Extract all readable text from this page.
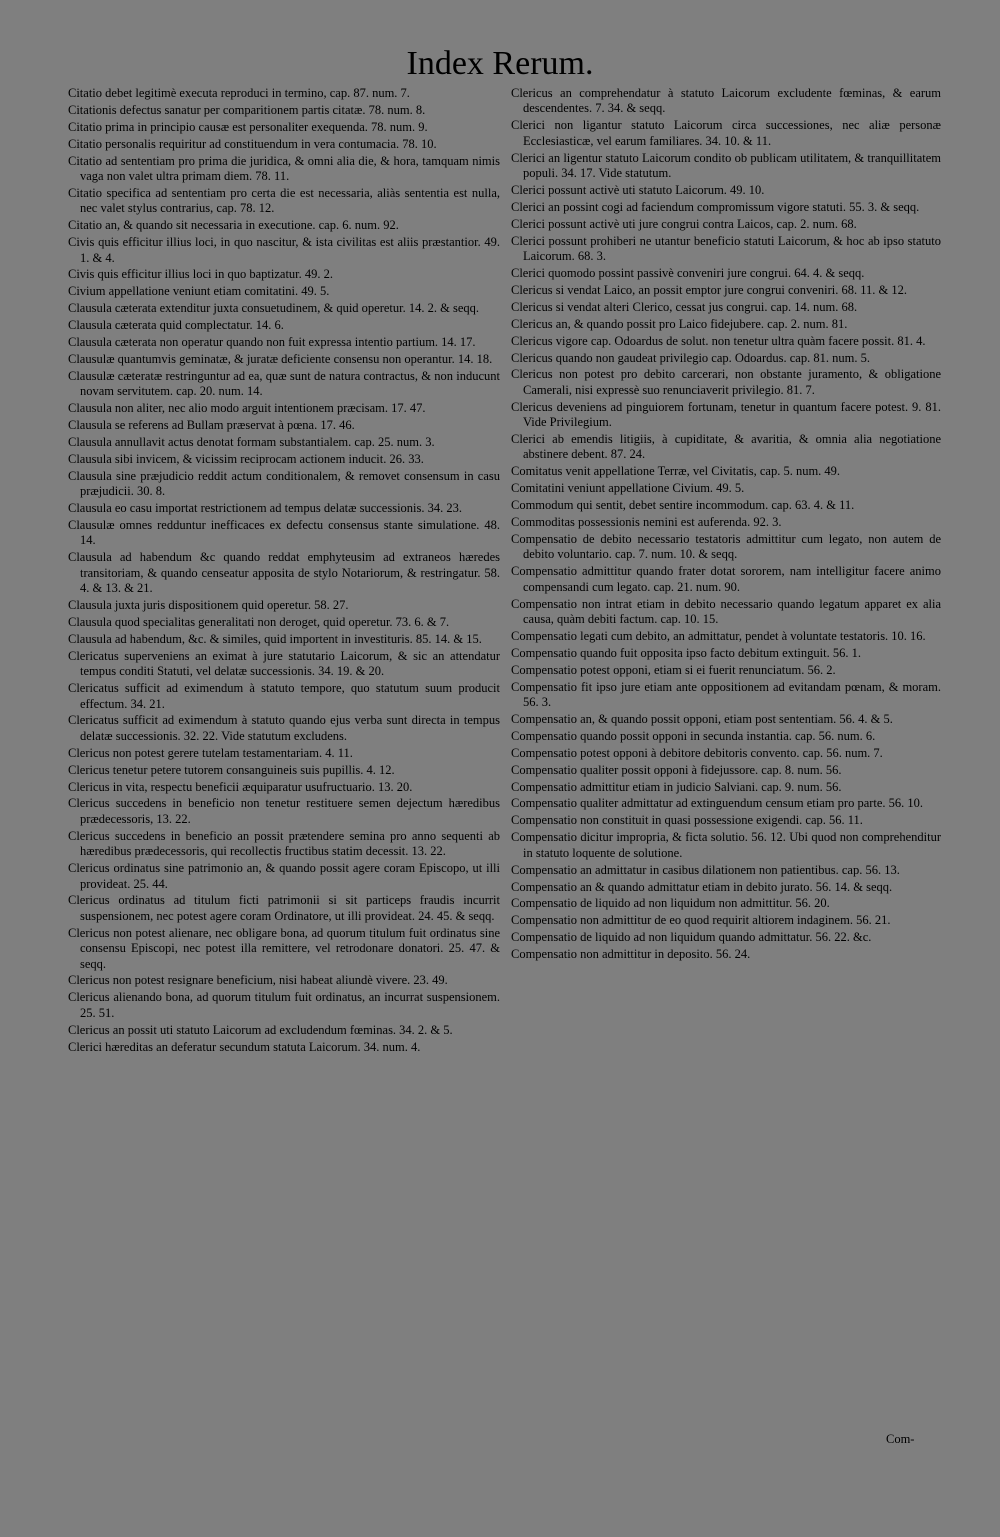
Index Rerum.
Citatio debet legitimè executa reproduci in termino, cap. 87. num. 7.
Citationis defectus sanatur per comparitionem partis citatæ. 78. num. 8.
Citatio prima in principio causæ est personaliter exequenda. 78. num. 9.
Citatio personalis requiritur ad constituendum in vera contumacia. 78. 10.
Citatio ad sententiam pro prima die juridica, & omni alia die, & hora, tamquam nimis vaga non valet ultra primam diem. 78. 11.
Citatio specifica ad sententiam pro certa die est necessaria, aliàs sententia est nulla, nec valet stylus contrarius, cap. 78. 12.
Citatio an, & quando sit necessaria in executione. cap. 6. num. 92.
Civis quis efficitur illius loci, in quo nascitur, & ista civilitas est aliis præstantior. 49. 1. & 4.
Civis quis efficitur illius loci in quo baptizatur. 49. 2.
Civium appellatione veniunt etiam comitatini. 49. 5.
Clausula cæterata extenditur juxta consuetudinem, & quid operetur. 14. 2. & seqq.
Clausula cæterata quid complectatur. 14. 6.
Clausula cæterata non operatur quando non fuit expressa intentio partium. 14. 17.
Clausulæ quantumvis geminatæ, & juratæ deficiente consensu non operantur. 14. 18.
Clausulæ cæteratæ restringuntur ad ea, quæ sunt de natura contractus, & non inducunt novam servitutem. cap. 20. num. 14.
Clausula non aliter, nec alio modo arguit intentionem præcisam. 17. 47.
Clausula se referens ad Bullam præservat à pœna. 17. 46.
Clausula annullavit actus denotat formam substantialem. cap. 25. num. 3.
Clausula sibi invicem, & vicissim reciprocam actionem inducit. 26. 33.
Clausula sine præjudicio reddit actum conditionalem, & removet consensum in casu præjudicii. 30. 8.
Clausula eo casu importat restrictionem ad tempus delatæ successionis. 34. 23.
Clausulæ omnes redduntur inefficaces ex defectu consensus stante simulatione. 48. 14.
Clausula ad habendum &c quando reddat emphyteusim ad extraneos hæredes transitoriam, & quando censeatur apposita de stylo Notariorum, & restringatur. 58. 4. & 13. & 21.
Clausula juxta juris dispositionem quid operetur. 58. 27.
Clausula quod specialitas generalitati non deroget, quid operetur. 73. 6. & 7.
Clausula ad habendum, &c. & similes, quid importent in investituris. 85. 14. & 15.
Clericatus superveniens an eximat à jure statutario Laicorum, & sic an attendatur tempus conditi Statuti, vel delatæ successionis. 34. 19. & 20.
Clericatus sufficit ad eximendum à statuto tempore, quo statutum suum producit effectum. 34. 21.
Clericatus sufficit ad eximendum à statuto quando ejus verba sunt directa in tempus delatæ successionis. 32. 22. Vide statutum excludens.
Clericus non potest gerere tutelam testamentariam. 4. 11.
Clericus tenetur petere tutorem consanguineis suis pupillis. 4. 12.
Clericus in vita, respectu beneficii æquiparatur usufructuario. 13. 20.
Clericus succedens in beneficio non tenetur restituere semen dejectum hæredibus prædecessoris, 13. 22.
Clericus succedens in beneficio an possit prætendere semina pro anno sequenti ab hæredibus prædecessoris, qui recollectis fructibus statim decessit. 13. 22.
Clericus ordinatus sine patrimonio an, & quando possit agere coram Episcopo, ut illi provideat. 25. 44.
Clericus ordinatus ad titulum ficti patrimonii si sit particeps fraudis incurrit suspensionem, nec potest agere coram Ordinatore, ut illi provideat. 24. 45. & seqq.
Clericus non potest alienare, nec obligare bona, ad quorum titulum fuit ordinatus sine consensu Episcopi, nec potest illa remittere, vel retrodonare donatori. 25. 47. & seqq.
Clericus non potest resignare beneficium, nisi habeat aliundè vivere. 23. 49.
Clericus alienando bona, ad quorum titulum fuit ordinatus, an incurrat suspensionem. 25. 51.
Clericus an possit uti statuto Laicorum ad excludendum fœminas. 34. 2. & 5.
Clerici hæreditas an deferatur secundum statuta Laicorum. 34. num. 4.
Clericus an comprehendatur à statuto Laicorum excludente fœminas, & earum descendentes. 7. 34. & seqq.
Clerici non ligantur statuto Laicorum circa successiones, nec aliæ personæ Ecclesiasticæ, vel earum familiares. 34. 10. & 11.
Clerici an ligentur statuto Laicorum condito ob publicam utilitatem, & tranquillitatem populi. 34. 17. Vide statutum.
Clerici possunt activè uti statuto Laicorum. 49. 10.
Clerici an possint cogi ad faciendum compromissum vigore statuti. 55. 3. & seqq.
Clerici possunt activè uti jure congrui contra Laicos, cap. 2. num. 68.
Clerici possunt prohiberi ne utantur beneficio statuti Laicorum, & hoc ab ipso statuto Laicorum. 68. 3.
Clerici quomodo possint passivè conveniri jure congrui. 64. 4. & seqq.
Clericus si vendat Laico, an possit emptor jure congrui conveniri. 68. 11. & 12.
Clericus si vendat alteri Clerico, cessat jus congrui. cap. 14. num. 68.
Clericus an, & quando possit pro Laico fidejubere. cap. 2. num. 81.
Clericus vigore cap. Odoardus de solut. non tenetur ultra quàm facere possit. 81. 4.
Clericus quando non gaudeat privilegio cap. Odoardus. cap. 81. num. 5.
Clericus non potest pro debito carcerari, non obstante juramento, & obligatione Camerali, nisi expressè suo renunciaverit privilegio. 81. 7.
Clericus deveniens ad pinguiorem fortunam, tenetur in quantum facere potest. 9. 81. Vide Privilegium.
Clerici ab emendis litigiis, à cupiditate, & avaritia, & omnia alia negotiatione abstinere debent. 87. 24.
Comitatus venit appellatione Terræ, vel Civitatis, cap. 5. num. 49.
Comitatini veniunt appellatione Civium. 49. 5.
Commodum qui sentit, debet sentire incommodum. cap. 63. 4. & 11.
Commoditas possessionis nemini est auferenda. 92. 3.
Compensatio de debito necessario testatoris admittitur cum legato, non autem de debito voluntario. cap. 7. num. 10. & seqq.
Compensatio admittitur quando frater dotat sororem, nam intelligitur facere animo compensandi cum legato. cap. 21. num. 90.
Compensatio non intrat etiam in debito necessario quando legatum apparet ex alia causa, quàm debiti factum. cap. 10. 15.
Compensatio legati cum debito, an admittatur, pendet à voluntate testatoris. 10. 16.
Compensatio quando fuit opposita ipso facto debitum extinguit. 56. 1.
Compensatio potest opponi, etiam si ei fuerit renunciatum. 56. 2.
Compensatio fit ipso jure etiam ante oppositionem ad evitandam pœnam, & moram. 56. 3.
Compensatio an, & quando possit opponi, etiam post sententiam. 56. 4. & 5.
Compensatio quando possit opponi in secunda instantia. cap. 56. num. 6.
Compensatio potest opponi à debitore debitoris convento. cap. 56. num. 7.
Compensatio qualiter possit opponi à fidejussore. cap. 8. num. 56.
Compensatio admittitur etiam in judicio Salviani. cap. 9. num. 56.
Compensatio qualiter admittatur ad extinguendum censum etiam pro parte. 56. 10.
Compensatio non constituit in quasi possessione exigendi. cap. 56. 11.
Compensatio dicitur impropria, & ficta solutio. 56. 12. Ubi quod non comprehenditur in statuto loquente de solutione.
Compensatio an admittatur in casibus dilationem non patientibus. cap. 56. 13.
Compensatio an & quando admittatur etiam in debito jurato. 56. 14. & seqq.
Compensatio de liquido ad non liquidum non admittitur. 56. 20.
Compensatio non admittitur de eo quod requirit altiorem indaginem. 56. 21.
Compensatio de liquido ad non liquidum quando admittatur. 56. 22. &c.
Compensatio non admittitur in deposito. 56. 24.
Com-
